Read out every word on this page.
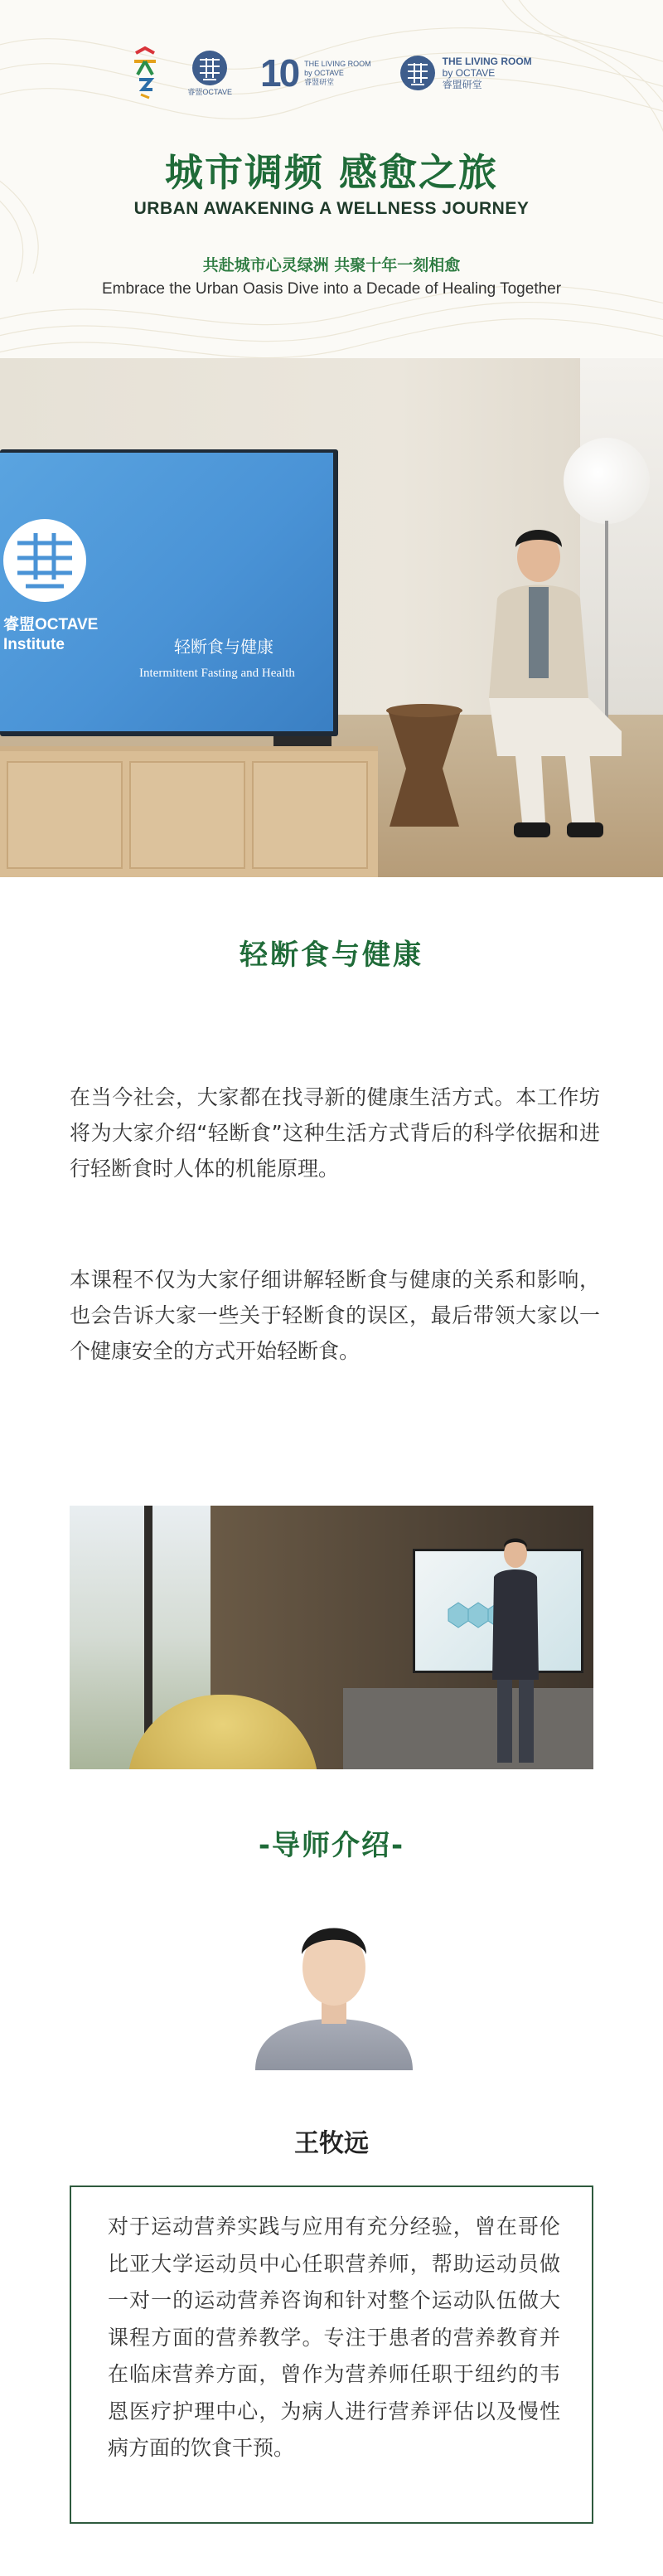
睿盟OCTAVE 10 THE LIVING ROOM
by OCTAVE
睿盟研堂
THE LIVING ROOM
by OCTAVE
睿盟研堂
城市调频 感愈之旅
URBAN AWAKENING A WELLNESS JOURNEY
共赴城市心灵绿洲 共聚十年一刻相愈
Embrace the Urban Oasis Dive into a Decade of Healing Together
睿盟OCTAVE
Institute	轻断食与健康
Intermittent Fasting and Health
轻断食与健康

在当今社会，大家都在找寻新的健康生活方式。本工作坊将为大家介绍“轻断食”这种生活方式背后的科学依据和进行轻断食时人体的机能原理。

本课程不仅为大家仔细讲解轻断食与健康的关系和影响，也会告诉大家一些关于轻断食的误区，最后带领大家以一个健康安全的方式开始轻断食。

-导师介绍-
王牧远

对于运动营养实践与应用有充分经验，曾在哥伦比亚大学运动员中心任职营养师，帮助运动员做一对一的运动营养咨询和针对整个运动队伍做大课程方面的营养教学。专注于患者的营养教育并在临床营养方面，曾作为营养师任职于纽约的韦恩医疗护理中心，为病人进行营养评估以及慢性病方面的饮食干预。
